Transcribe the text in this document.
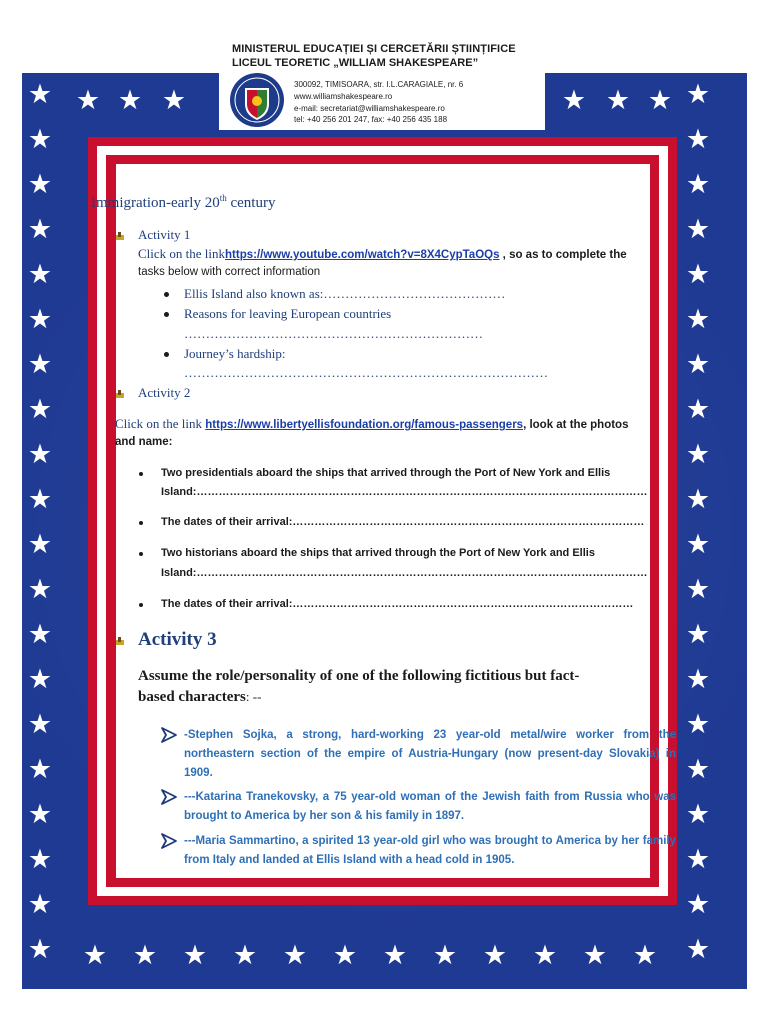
★	★
★	★
★	★
★	★
★	★
★	★
★	★
★	★
★	★
★	★
★	★
★	★
★	★
★	★
★	★
★	★
★	★
★	★
★	★
★	★
★ ★ ★ ★ ★ ★ ★ ★ ★ ★ ★ ★
★ ★ ★	★ ★ ★
MINISTERUL EDUCAȚIEI ȘI CERCETĂRII ȘTIINȚIFICE
LICEUL TEORETIC „WILLIAM SHAKESPEARE”
300092, TIMISOARA, str. I.L.CARAGIALE, nr. 6
www.williamshakespeare.ro
e-mail: secretariat@williamshakespeare.ro
tel: +40 256 201 247, fax: +40 256 435 188
Immigration-early 20th century
Activity 1
Click on the linkhttps://www.youtube.com/watch?v=8X4CypTaOQs , so as to complete the
tasks below with correct information
Ellis Island also known as:……………………………………
Reasons for leaving European countries
……………………………………………………………
Journey’s hardship:
…………………………………………………………………………
Activity 2
Click on the link https://www.libertyellisfoundation.org/famous-passengers, look at the photos
and name:
Two presidentials aboard the ships that arrived through the Port of New York and Ellis
Island:……………………………………………………………………………………………………………
The dates of their arrival:……………………………………………………………………………………
Two historians aboard the ships that arrived through the Port of New York and Ellis
Island:……………………………………………………………………………………………………………
The dates of their arrival:…………………………………………………………………………………
Activity 3
Assume the role/personality of one of the following fictitious but fact-
based characters: --
-Stephen Sojka, a strong, hard-working 23 year-old metal/wire worker from the northeastern section of the empire of Austria-Hungary (now present-day Slovakia) in 1909.
---Katarina Tranekovsky, a 75 year-old woman of the Jewish faith from Russia who was brought to America by her son & his family in 1897.
---Maria Sammartino, a spirited 13 year-old girl who was brought to America by her family from Italy and landed at Ellis Island with a head cold in 1905.
